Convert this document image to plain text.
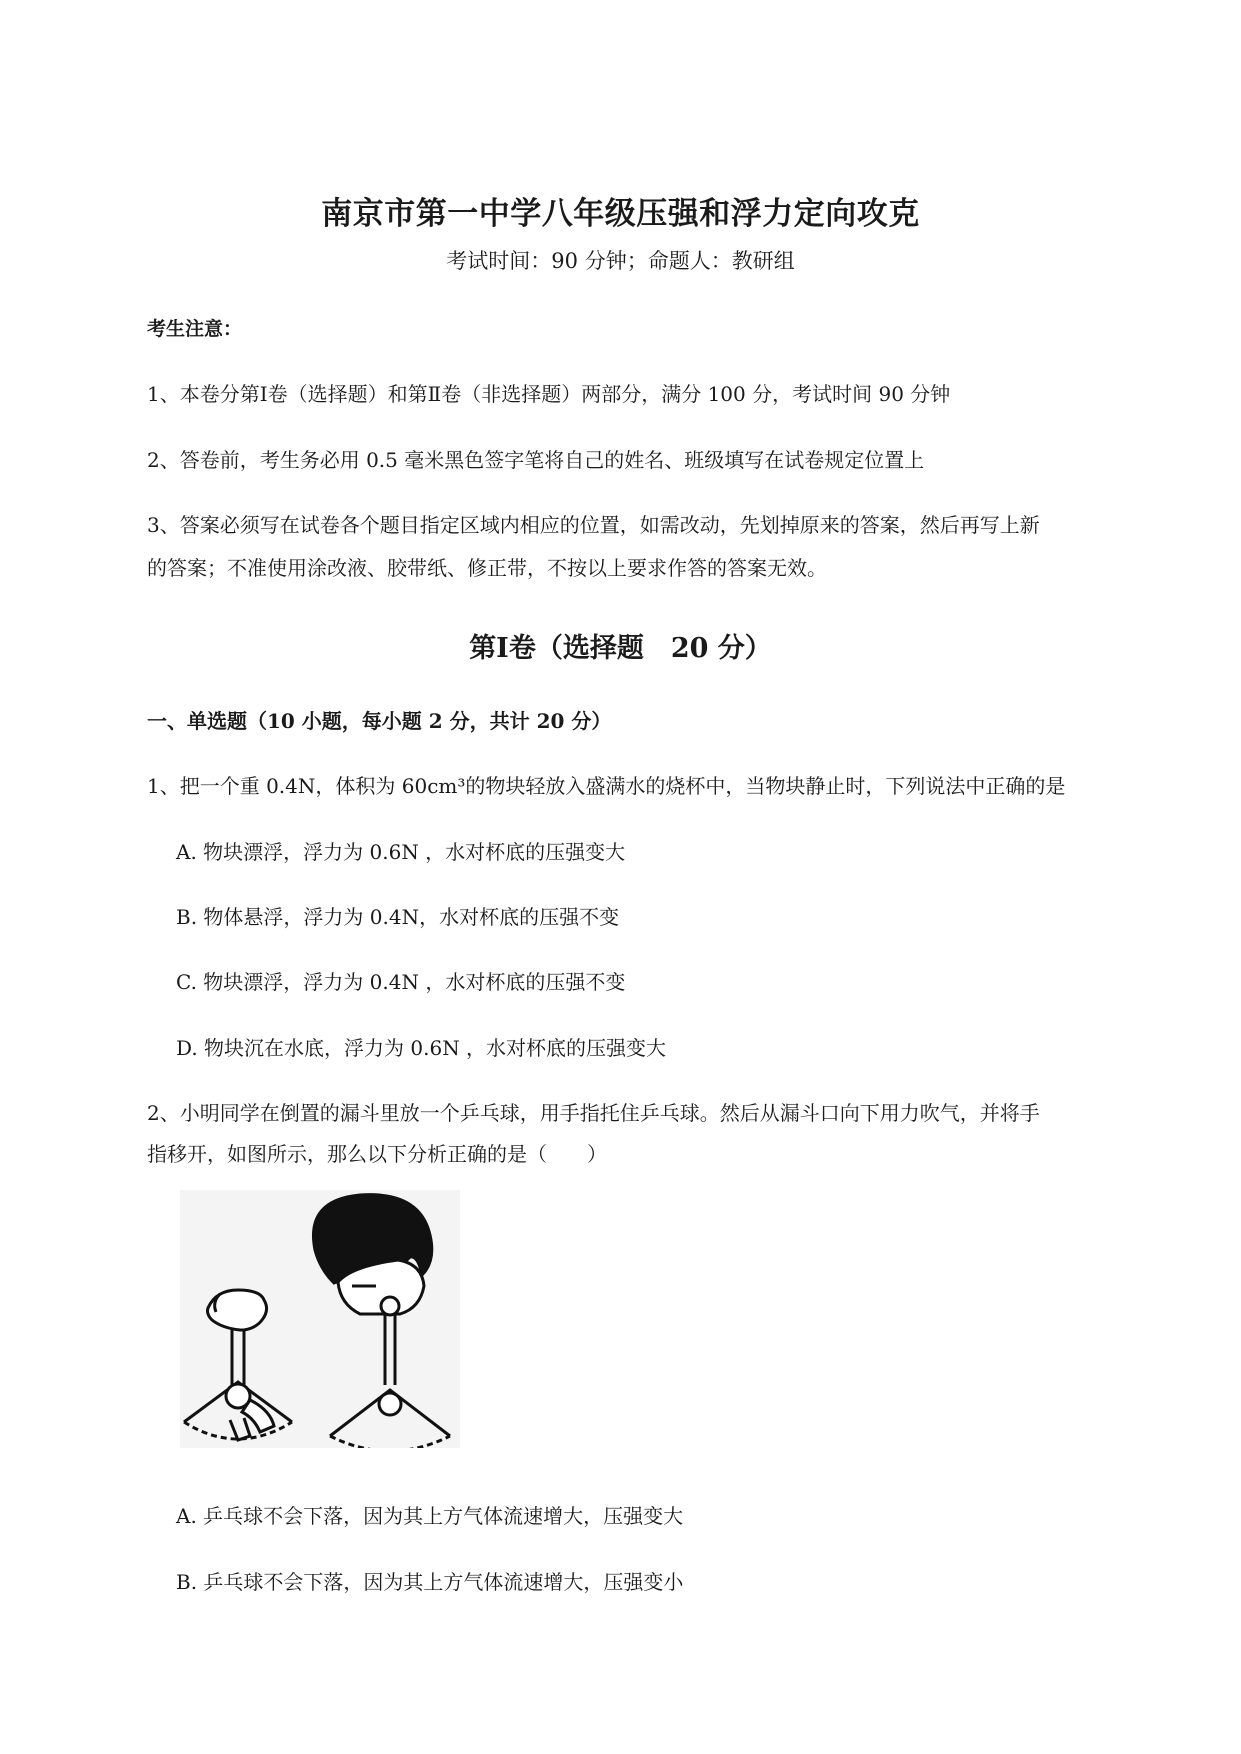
南京市第一中学八年级压强和浮力定向攻克
考试时间：90 分钟；命题人：教研组
考生注意：
1、本卷分第Ⅰ卷（选择题）和第Ⅱ卷（非选择题）两部分，满分 100 分，考试时间 90 分钟
2、答卷前，考生务必用 0.5 毫米黑色签字笔将自己的姓名、班级填写在试卷规定位置上
3、答案必须写在试卷各个题目指定区域内相应的位置，如需改动，先划掉原来的答案，然后再写上新
的答案；不准使用涂改液、胶带纸、修正带，不按以上要求作答的答案无效。
第Ⅰ卷（选择题　20 分）
一、单选题（10 小题，每小题 2 分，共计 20 分）
1、把一个重 0.4N，体积为 60cm³的物块轻放入盛满水的烧杯中，当物块静止时，下列说法中正确的是
A. 物块漂浮，浮力为 0.6N ，水对杯底的压强变大
B. 物体悬浮，浮力为 0.4N，水对杯底的压强不变
C. 物块漂浮，浮力为 0.4N ，水对杯底的压强不变
D. 物块沉在水底，浮力为 0.6N ，水对杯底的压强变大
2、小明同学在倒置的漏斗里放一个乒乓球，用手指托住乒乓球。然后从漏斗口向下用力吹气，并将手
指移开，如图所示，那么以下分析正确的是（　　）
A. 乒乓球不会下落，因为其上方气体流速增大，压强变大
B. 乒乓球不会下落，因为其上方气体流速增大，压强变小
